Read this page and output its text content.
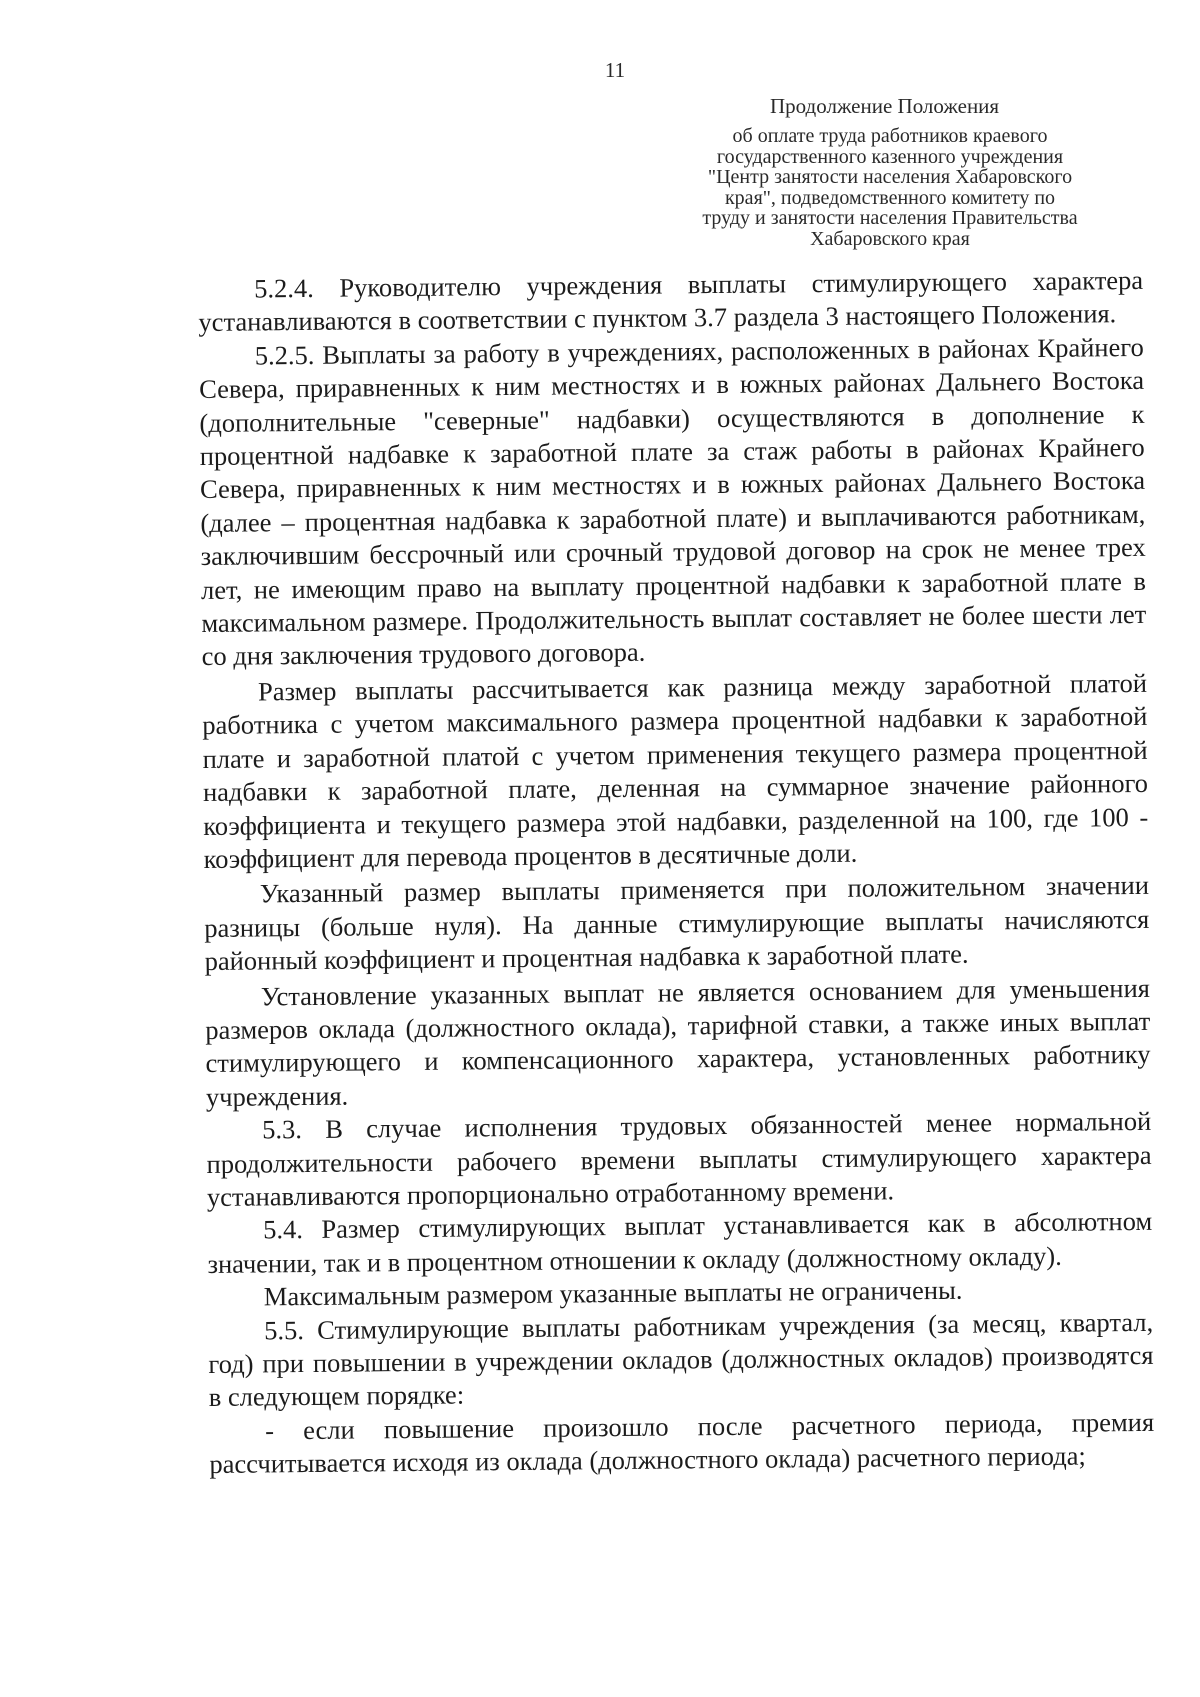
11
Продолжение Положения
об оплате труда работников краевого
государственного казенного учреждения
"Центр занятости населения Хабаровского
края", подведомственного комитету по
труду и занятости населения Правительства
Хабаровского края

5.2.4. Руководителю учреждения выплаты стимулирующего характера устанавливаются в соответствии с пунктом 3.7 раздела 3 настоящего Положения.

5.2.5. Выплаты за работу в учреждениях, расположенных в районах Крайнего Севера, приравненных к ним местностях и в южных районах Дальнего Востока (дополнительные "северные" надбавки) осуществляются в дополнение к процентной надбавке к заработной плате за стаж работы в районах Крайнего Севера, приравненных к ним местностях и в южных районах Дальнего Востока (далее – процентная надбавка к заработной плате) и выплачиваются работникам, заключившим бессрочный или срочный трудовой договор на срок не менее трех лет, не имеющим право на выплату процентной надбавки к заработной плате в максимальном размере. Продолжительность выплат составляет не более шести лет со дня заключения трудового договора.

Размер выплаты рассчитывается как разница между заработной платой работника с учетом максимального размера процентной надбавки к заработной плате и заработной платой с учетом применения текущего размера процентной надбавки к заработной плате, деленная на суммарное значение районного коэффициента и текущего размера этой надбавки, разделенной на 100, где 100 - коэффициент для перевода процентов в десятичные доли.

Указанный размер выплаты применяется при положительном значении разницы (больше нуля). На данные стимулирующие выплаты начисляются районный коэффициент и процентная надбавка к заработной плате.

Установление указанных выплат не является основанием для уменьшения размеров оклада (должностного оклада), тарифной ставки, а также иных выплат стимулирующего и компенсационного характера, установленных работнику учреждения.

5.3. В случае исполнения трудовых обязанностей менее нормальной продолжительности рабочего времени выплаты стимулирующего характера устанавливаются пропорционально отработанному времени.

5.4. Размер стимулирующих выплат устанавливается как в абсолютном значении, так и в процентном отношении к окладу (должностному окладу).

Максимальным размером указанные выплаты не ограничены.

5.5. Стимулирующие выплаты работникам учреждения (за месяц, квартал, год) при повышении в учреждении окладов (должностных окладов) производятся в следующем порядке:

- если повышение произошло после расчетного периода, премия рассчитывается исходя из оклада (должностного оклада) расчетного периода;
